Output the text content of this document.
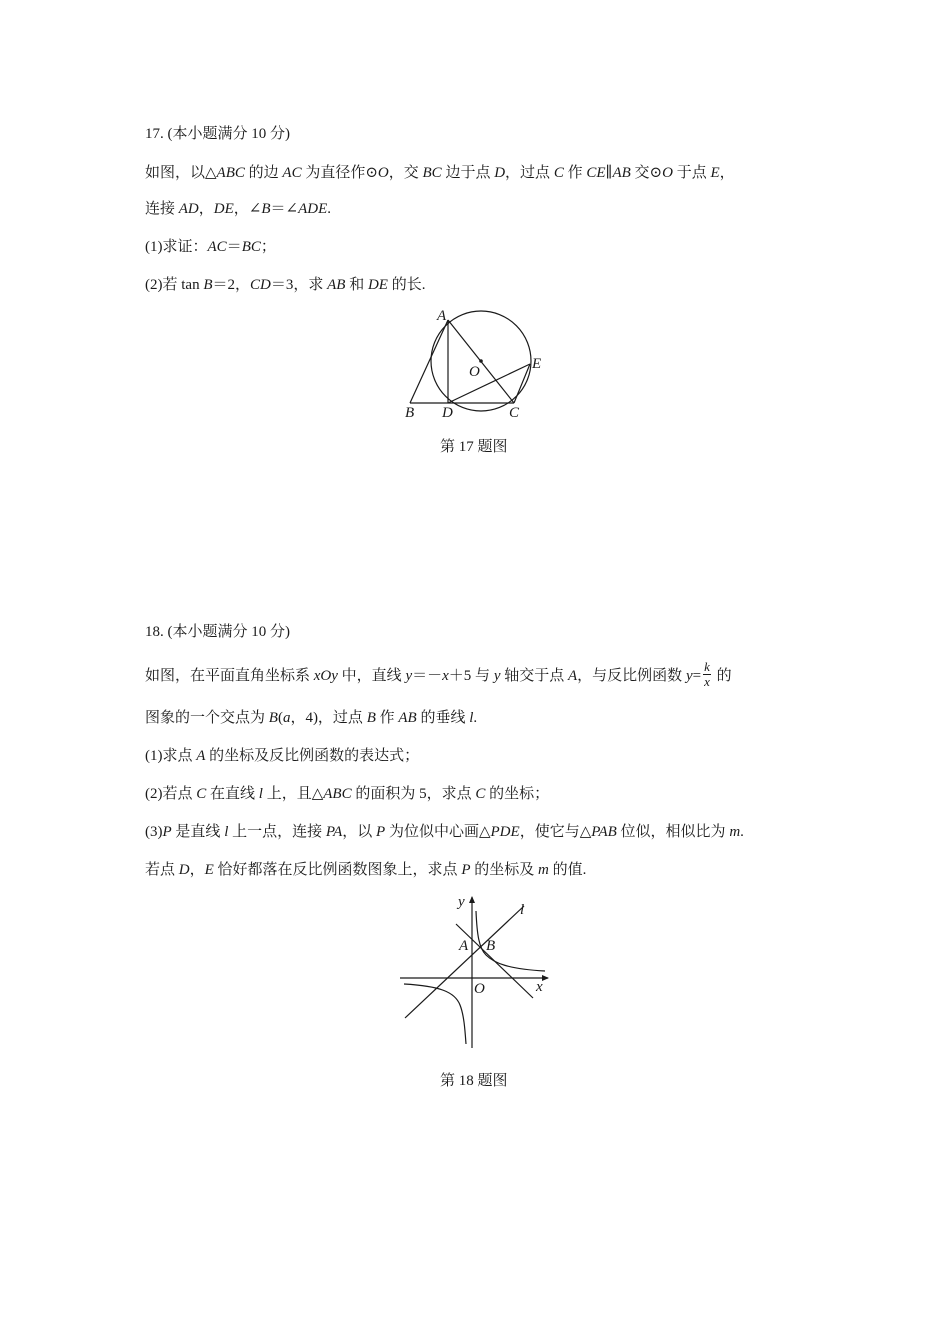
17. (本小题满分 10 分)
如图，以△ABC 的边 AC 为直径作⊙O，交 BC 边于点 D，过点 C 作 CE∥AB 交⊙O 于点 E，
连接 AD，DE，∠B＝∠ADE.
(1)求证：AC＝BC；
(2)若 tan B＝2，CD＝3，求 AB 和 DE 的长.
A
B D	C
E
O
第 17 题图
18. (本小题满分 10 分)
如图，在平面直角坐标系 xOy 中，直线 y＝－x＋5 与 y 轴交于点 A，与反比例函数 $y= \frac{k}{x}$ 的
图象的一个交点为 B(a，4)，过点 B 作 AB 的垂线 l.
(1)求点 A 的坐标及反比例函数的表达式；
(2)若点 C 在直线 l 上，且△ABC 的面积为 5，求点 C 的坐标；
(3)P 是直线 l 上一点，连接 PA，以 P 为位似中心画△PDE，使它与△PAB 位似，相似比为 m.
若点 D，E 恰好都落在反比例函数图象上，求点 P 的坐标及 m 的值.
y
x
O
A B
l
第 18 题图
